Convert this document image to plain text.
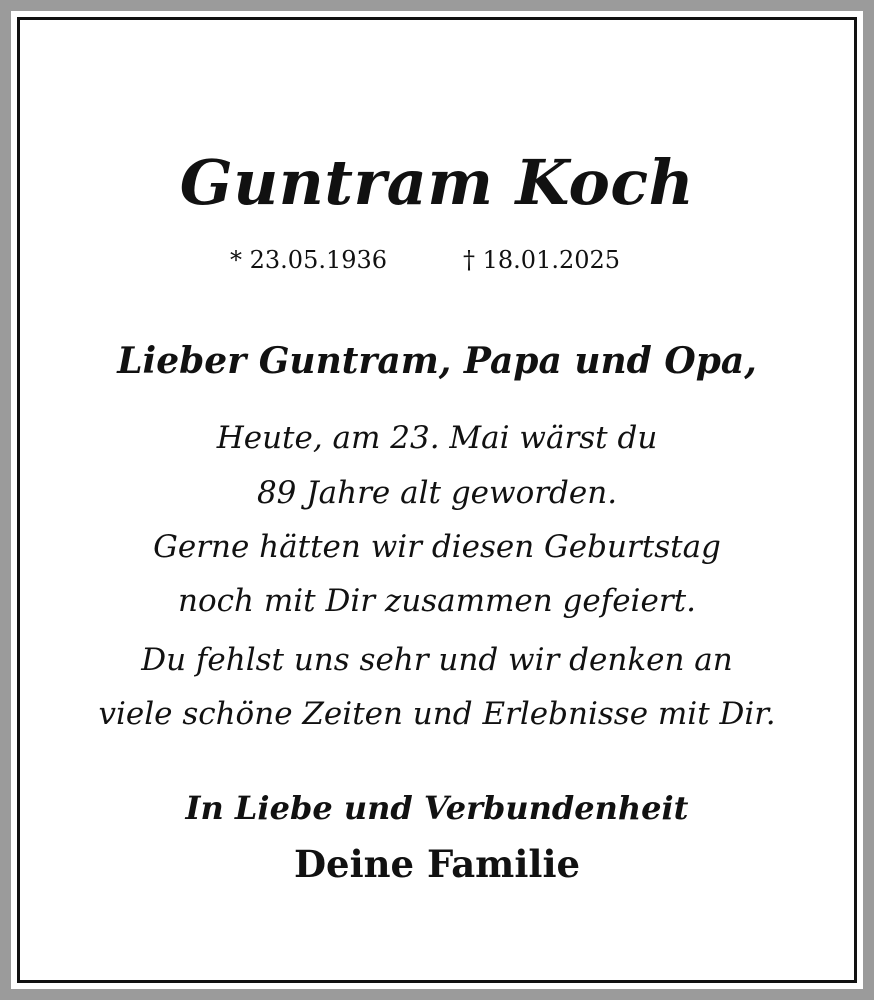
Guntram Koch
* 23.05.1936	† 18.01.2025
Lieber Guntram, Papa und Opa,
Heute, am 23. Mai wärst du
89 Jahre alt geworden.
Gerne hätten wir diesen Geburtstag
noch mit Dir zusammen gefeiert.
Du fehlst uns sehr und wir denken an
viele schöne Zeiten und Erlebnisse mit Dir.
In Liebe und Verbundenheit
Deine Familie
